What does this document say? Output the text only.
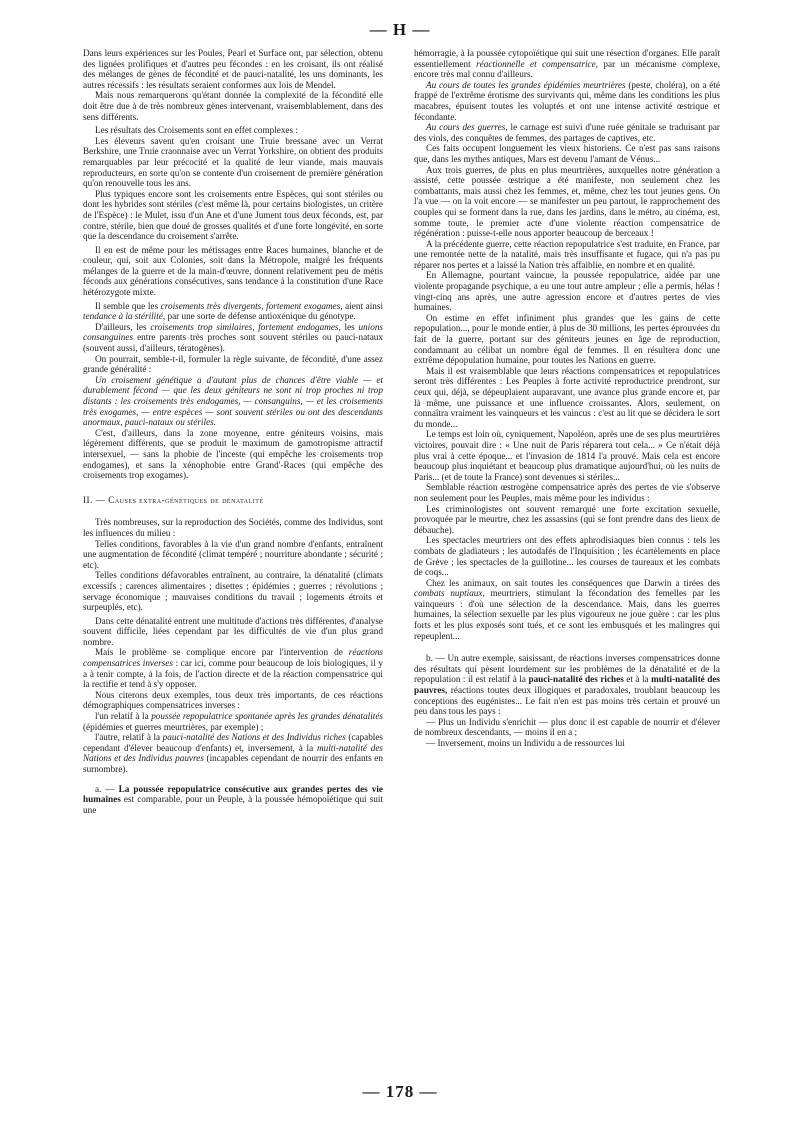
— H —

Dans leurs expériences sur les Poules, Pearl et Surface ont, par sélection, obtenu des lignées prolifiques et d'autres peu fécondes : en les croisant, ils ont réalisé des mélanges de gènes de fécondité et de pauci-natalité, les uns dominants, les autres récessifs : les résultats seraient conformes aux lois de Mendel.

Mais nous remarquerons qu'étant donnée la complexité de la fécondité elle doit être due à de très nombreux gènes intervenant, vraisemblablement, dans des sens différents.

Les résultats des Croisements sont en effet complexes :

Les éleveurs savent qu'en croisant une Truie bressane avec un Verrat Berkshire, une Truie craonnaise avec un Verrat Yorkshire, on obtient des produits remarquables par leur précocité et la qualité de leur viande, mais mauvais reproducteurs, en sorte qu'on se contente d'un croisement de première génération qu'on renouvelle tous les ans.

Plus typiques encore sont les croisements entre Espèces, qui sont stériles ou dont les hybrides sont stériles (c'est même là, pour certains biologistes, un critère de l'Espèce) : le Mulet, issu d'un Ane et d'une Jument tous deux féconds, est, par contre, stérile, bien que doué de grosses qualités et d'une forte longévité, en sorte que la descendance du croisement s'arrête.

Il en est de même pour les métissages entre Races humaines, blanche et de couleur, qui, soit aux Colonies, soit dans la Métropole, malgré les fréquents mélanges de la guerre et de la main-d'œuvre, donnent relativement peu de métis féconds aux générations consécutives, sans tendance à la constitution d'une Race hétérozygote mixte.

Il semble que les croisements très divergents, fortement exogames, aient ainsi tendance à la stérilité, par une sorte de défense antioxénique du génotype.

D'ailleurs, les croisements trop similaires, fortement endogames, les unions consanguines entre parents très proches sont souvent stériles ou pauci-nataux (souvent aussi, d'ailleurs, tératogènes).

On pourrait, semble-t-il, formuler la règle suivante, de fécondité, d'une assez grande généralité :

Un croisement génétique a d'autant plus de chances d'être viable — et durablement fécond — que les deux géniteurs ne sont ni trop proches ni trop distants : les croisements très endogames, — consanguins, — et les croisements très exogames, — entre espèces — sont souvent stériles ou ont des descendants anormaux, pauci-nataux ou stériles.

C'est, d'ailleurs, dans la zone moyenne, entre géniteurs voisins, mais légèrement différents, que se produit le maximum de gamotropisme attractif intersexuel, — sans la phobie de l'inceste (qui empêche les croisements trop endogames), et sans la xénophobie entre Grand'-Races (qui empêche des croisements trop exogames).

II. — Causes extra-génétiques de dénatalité

Très nombreuses, sur la reproduction des Sociétés, comme des Individus, sont les influences du milieu :

Telles conditions, favorables à la vie d'un grand nombre d'enfants, entraînent une augmentation de fécondité (climat tempéré ; nourriture abondante ; sécurité ; etc).

Telles conditions défavorables entraînent, au contraire, la dénatalité (climats excessifs ; carences alimentaires ; disettes ; épidémies ; guerres ; révolutions ; servage économique ; mauvaises conditions du travail ; logements étroits et surpeuplés, etc).

Dans cette dénatalité entrent une multitude d'actions très différentes, d'analyse souvent difficile, liées cependant par les difficultés de vie d'un plus grand nombre.

Mais le problème se complique encore par l'intervention de réactions compensatrices inverses : car ici, comme pour beaucoup de lois biologiques, il y a à tenir compte, à la fois, de l'action directe et de la réaction compensatrice qui la rectifie et tend à s'y opposer.

Nous citerons deux exemples, tous deux très importants, de ces réactions démographiques compensatrices inverses :

l'un relatif à la poussée repopulatrice spontanée après les grandes dénatalités (épidémies et guerres meurtrières, par exemple) ;

l'autre, relatif à la pauci-natalité des Nations et des Individus riches (capables cependant d'élever beaucoup d'enfants) et, inversement, à la multi-natalité des Nations et des Individus pauvres (incapables cependant de nourrir des enfants en surnombre).

a. — La poussée repopulatrice consécutive aux grandes pertes des vie humaines est comparable, pour un Peuple, à la poussée hémopoïétique qui suit une

hémorragie, à la poussée cytopoïétique qui suit une résection d'organes. Elle paraît essentiellement réactionnelle et compensatrice, par un mécanisme complexe, encore très mal connu d'ailleurs.

Au cours de toutes les grandes épidémies meurtrières (peste, choléra), on a été frappé de l'extrême érotisme des survivants qui, même dans les conditions les plus macabres, épuisent toutes les voluptés et ont une intense activité œstrique et fécondante.

Au cours des guerres, le carnage est suivi d'une ruée génitale se traduisant par des viols, des conquêtes de femmes, des partages de captives, etc.

Ces faits occupent longuement les vieux historiens. Ce n'est pas sans raisons que, dans les mythes antiques, Mars est devenu l'amant de Vénus...

Aux trois guerres, de plus en plus meurtrières, auxquelles notre génération a assisté, cette poussée œstrique a été manifeste, non seulement chez les combattants, mais aussi chez les femmes, et, même, chez les tout jeunes gens. On l'a vue — on la voit encore — se manifester un peu partout, le rapprochement des couples qui se forment dans la rue, dans les jardins, dans le métro, au cinéma, est, somme toute, le premier acte d'une violente réaction compensatrice de régénération : puisse-t-elle nous apporter beaucoup de berceaux !

A la précédente guerre, cette réaction repopulatrice s'est traduite, en France, par une remontée nette de la natalité, mais très insuffisante et fugace, qui n'a pas pu réparer nos pertes et a laissé la Nation très affaiblie, en nombre et en qualité.

En Allemagne, pourtant vaincue, la poussée repopulatrice, aidée par une violente propagande psychique, a eu une tout autre ampleur ; elle a permis, hélas ! vingt-cinq ans après, une autre agression encore et d'autres pertes de vies humaines.

On estime en effet infiniment plus grandes que les gains de cette repopulation..., pour le monde entier, à plus de 30 millions, les pertes éprouvées du fait de la guerre, portant sur des géniteurs jeunes en âge de reproduction, condamnant au célibat un nombre égal de femmes. Il en résultera donc une extrême dépopulation humaine, pour toutes les Nations en guerre.

Mais il est vraisemblable que leurs réactions compensatrices et repopulatrices seront très différentes : Les Peuples à forte activité reproductrice prendront, sur ceux qui, déjà, se dépeuplaient auparavant, une avance plus grande encore et, par là même, une puissance et une influence croissantes. Alors, seulement, on connaîtra vraiment les vainqueurs et les vaincus : c'est au lit que se décidera le sort du monde...

Le temps est loin où, cyniquement, Napoléon, après une de ses plus meurtrières victoires, pouvait dire : « Une nuit de Paris réparera tout cela... » Ce n'était déjà plus vrai à cette époque... et l'invasion de 1814 l'a prouvé. Mais cela est encore beaucoup plus inquiétant et beaucoup plus dramatique aujourd'hui, où les nuits de Paris... (et de toute la France) sont devenues si stériles...

Semblable réaction œstrogène compensatrice après des pertes de vie s'observe non seulement pour les Peuples, mais même pour les individus :

Les criminologistes ont souvent remarqué une forte excitation sexuelle, provoquée par le meurtre, chez les assassins (qui se font prendre dans des lieux de débauche).

Les spectacles meurtriers ont des effets aphrodisiaques bien connus : tels les combats de gladiateurs ; les autodafés de l'Inquisition ; les écartèlements en place de Grève ; les spectacles de la guillotine... les courses de taureaux et les combats de coqs...

Chez les animaux, on sait toutes les conséquences que Darwin a tirées des combats nuptiaux, meurtriers, stimulant la fécondation des femelles par les vainqueurs : d'où une sélection de la descendance. Mais, dans les guerres humaines, la sélection sexuelle par les plus vigoureux ne joue guère : car les plus forts et les plus exposés sont tués, et ce sont les embusqués et les malingres qui repeuplent...

b. — Un autre exemple, saisissant, de réactions inverses compensatrices donne des résultats qui pèsent lourdement sur les problèmes de la dénatalité et de la repopulation : il est relatif à la pauci-natalité des riches et à la multi-natalité des pauvres, réactions toutes deux illogiques et paradoxales, troublant beaucoup les conceptions des eugénistes... Le fait n'en est pas moins très certain et prouvé un peu dans tous les pays :

— Plus un Individu s'enrichit — plus donc il est capable de nourrir et d'élever de nombreux descendants, — moins il en a ;

— Inversement, moins un Individu a de ressources lui

— 178 —
